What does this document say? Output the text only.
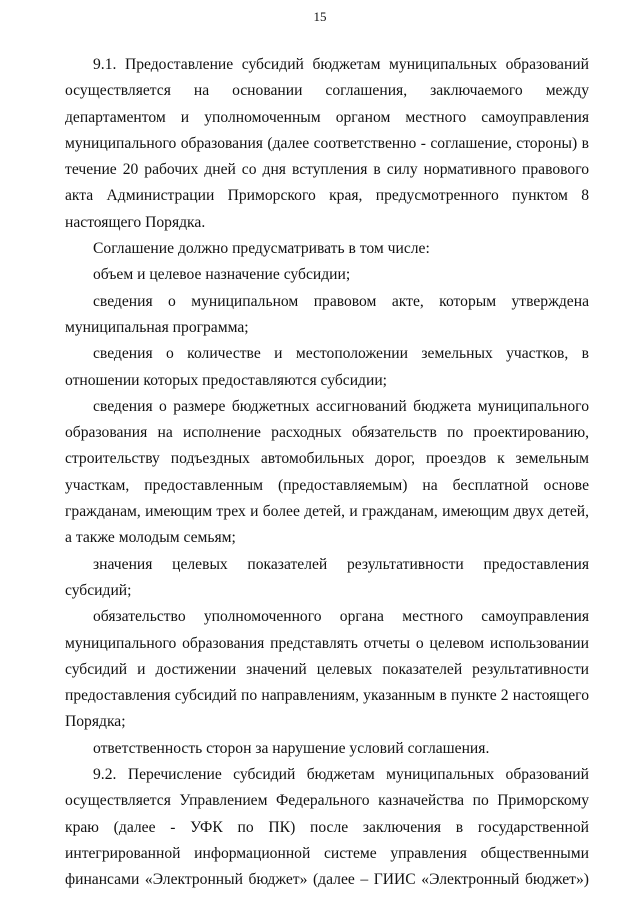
15

9.1. Предоставление субсидий бюджетам муниципальных образований осуществляется на основании соглашения, заключаемого между департаментом и уполномоченным органом местного самоуправления муниципального образования (далее соответственно - соглашение, стороны) в течение 20 рабочих дней со дня вступления в силу нормативного правового акта Администрации Приморского края, предусмотренного пунктом 8 настоящего Порядка.

Соглашение должно предусматривать в том числе:

объем и целевое назначение субсидии;

сведения о муниципальном правовом акте, которым утверждена муниципальная программа;

сведения о количестве и местоположении земельных участков, в отношении которых предоставляются субсидии;

сведения о размере бюджетных ассигнований бюджета муниципального образования на исполнение расходных обязательств по проектированию, строительству подъездных автомобильных дорог, проездов к земельным участкам, предоставленным (предоставляемым) на бесплатной основе гражданам, имеющим трех и более детей, и гражданам, имеющим двух детей, а также молодым семьям;

значения целевых показателей результативности предоставления субсидий;

обязательство уполномоченного органа местного самоуправления муниципального образования представлять отчеты о целевом использовании субсидий и достижении значений целевых показателей результативности предоставления субсидий по направлениям, указанным в пункте 2 настоящего Порядка;

ответственность сторон за нарушение условий соглашения.

9.2. Перечисление субсидий бюджетам муниципальных образований осуществляется Управлением Федерального казначейства по Приморскому краю (далее - УФК по ПК) после заключения в государственной интегрированной информационной системе управления общественными финансами «Электронный бюджет» (далее – ГИИС «Электронный бюджет»)
